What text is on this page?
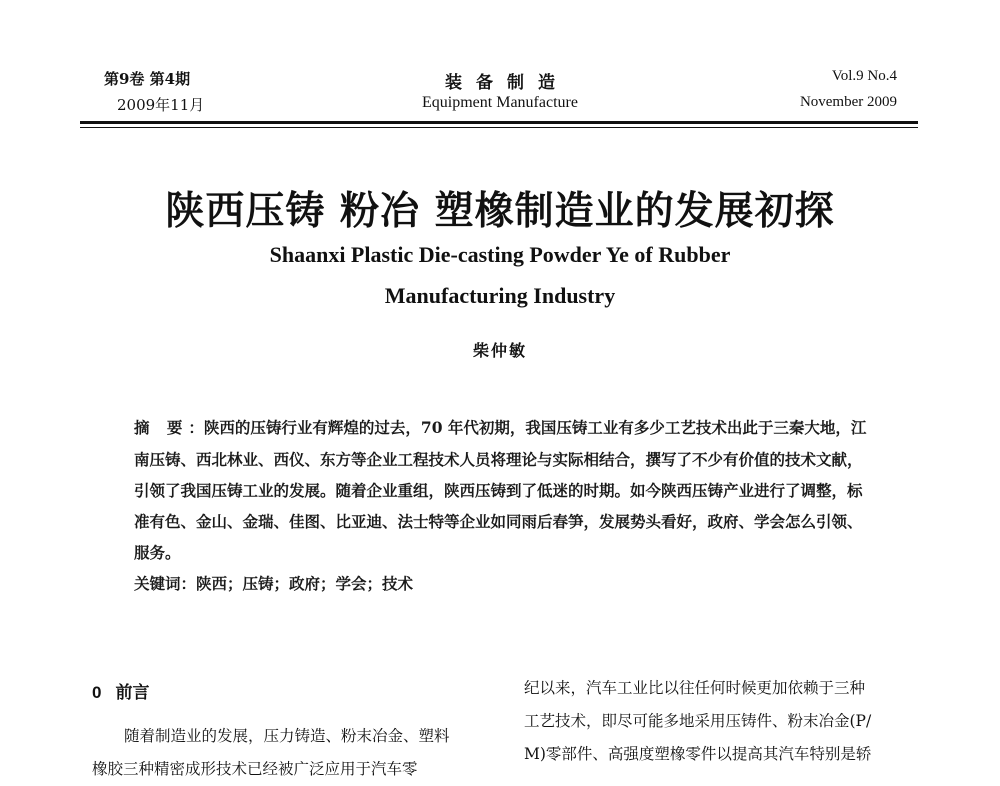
第9卷 第4期
2009年11月
装备制造
Equipment Manufacture
Vol.9 No.4
November 2009
陕西压铸 粉冶 塑橡制造业的发展初探
Shaanxi Plastic Die-casting Powder Ye of Rubber
Manufacturing Industry
柴仲敏
摘 要：陕西的压铸行业有辉煌的过去，70 年代初期，我国压铸工业有多少工艺技术出此于三秦大地，江南压铸、西北林业、西仪、东方等企业工程技术人员将理论与实际相结合，撰写了不少有价值的技术文献，引领了我国压铸工业的发展。随着企业重组，陕西压铸到了低迷的时期。如今陕西压铸产业进行了调整，标准有色、金山、金瑞、佳图、比亚迪、法士特等企业如同雨后春笋，发展势头看好，政府、学会怎么引领、服务。
关键词：陕西；压铸；政府；学会；技术
0 前言
随着制造业的发展，压力铸造、粉末冶金、塑料
橡胶三种精密成形技术已经被广泛应用于汽车零
纪以来，汽车工业比以往任何时候更加依赖于三种
工艺技术，即尽可能多地采用压铸件、粉末冶金(P/
M)零部件、高强度塑橡零件以提高其汽车特别是轿
